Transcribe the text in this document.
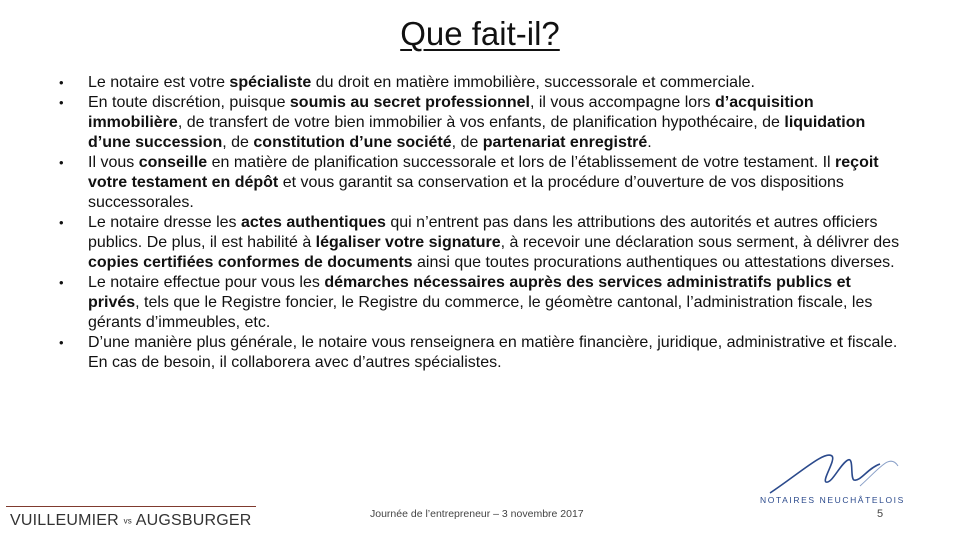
Que fait-il?
• Le notaire est votre spécialiste du droit en matière immobilière, successorale et commerciale.
• En toute discrétion, puisque soumis au secret professionnel, il vous accompagne lors d’acquisition immobilière, de transfert de votre bien immobilier à vos enfants, de planification hypothécaire, de liquidation d’une succession, de constitution d’une société, de partenariat enregistré.
• Il vous conseille en matière de planification successorale et lors de l’établissement de votre testament. Il reçoit votre testament en dépôt et vous garantit sa conservation et la procédure d’ouverture de vos dispositions successorales.
• Le notaire dresse les actes authentiques qui n’entrent pas dans les attributions des autorités et autres officiers publics. De plus, il est habilité à légaliser votre signature, à recevoir une déclaration sous serment, à délivrer des copies certifiées conformes de documents ainsi que toutes procurations authentiques ou attestations diverses.
• Le notaire effectue pour vous les démarches nécessaires auprès des services administratifs publics et privés, tels que le Registre foncier, le Registre du commerce, le géomètre cantonal, l’administration fiscale, les gérants d’immeubles, etc.
• D’une manière plus générale, le notaire vous renseignera en matière financière, juridique, administrative et fiscale. En cas de besoin, il collaborera avec d’autres spécialistes.
VUILLEUMIER vs AUGSBURGER	Journée de l’entrepreneur – 3 novembre 2017	5
NOTAIRES NEUCHÂTELOIS
